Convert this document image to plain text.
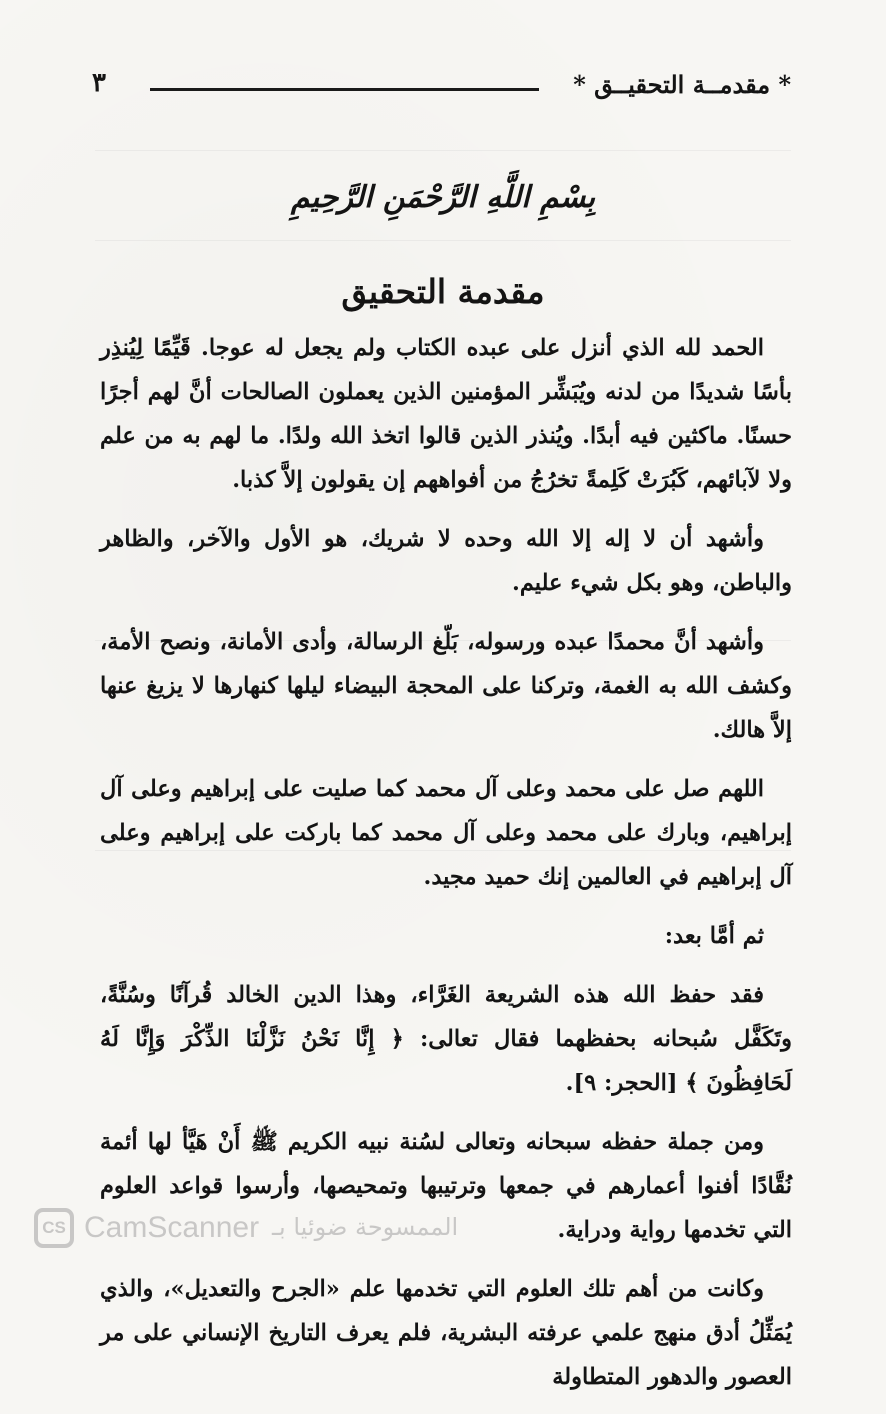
* مقدمــة التحقيــق *
٣
بِسْمِ اللَّهِ الرَّحْمَنِ الرَّحِيمِ
مقدمة التحقيق

الحمد لله الذي أنزل على عبده الكتاب ولم يجعل له عوجا. قَيِّمًا لِيُنذِر بأسًا شديدًا من لدنه ويُبَشِّر المؤمنين الذين يعملون الصالحات أنَّ لهم أجرًا حسنًا. ماكثين فيه أبدًا. ويُنذر الذين قالوا اتخذ الله ولدًا. ما لهم به من علم ولا لآبائهم، كَبُرَتْ كَلِمةً تخرُجُ من أفواههم إن يقولون إلاَّ كذبا.

وأشهد أن لا إله إلا الله وحده لا شريك، هو الأول والآخر، والظاهر والباطن، وهو بكل شيء عليم.

وأشهد أنَّ محمدًا عبده ورسوله، بَلّغ الرسالة، وأدى الأمانة، ونصح الأمة، وكشف الله به الغمة، وتركنا على المحجة البيضاء ليلها كنهارها لا يزيغ عنها إلاَّ هالك.

اللهم صل على محمد وعلى آل محمد كما صليت على إبراهيم وعلى آل إبراهيم، وبارك على محمد وعلى آل محمد كما باركت على إبراهيم وعلى آل إبراهيم في العالمين إنك حميد مجيد.

ثم أمَّا بعد:

فقد حفظ الله هذه الشريعة الغَرَّاء، وهذا الدين الخالد قُرآنًا وسُنَّةً، وتَكَفَّل سُبحانه بحفظهما فقال تعالى: ﴿ إِنَّا نَحْنُ نَزَّلْنَا الذِّكْرَ وَإِنَّا لَهُ لَحَافِظُونَ ﴾ [الحجر: ٩].

ومن جملة حفظه سبحانه وتعالى لسُنة نبيه الكريم ﷺ أَنْ هَيَّأ لها أئمة نُقَّادًا أفنوا أعمارهم في جمعها وترتيبها وتمحيصها، وأرسوا قواعد العلوم التي تخدمها رواية ودراية.

وكانت من أهم تلك العلوم التي تخدمها علم «الجرح والتعديل»، والذي يُمَثِّلُ أدق منهج علمي عرفته البشرية، فلم يعرف التاريخ الإنساني على مر العصور والدهور المتطاولة

CS CamScanner الممسوحة ضوئيا بـ
